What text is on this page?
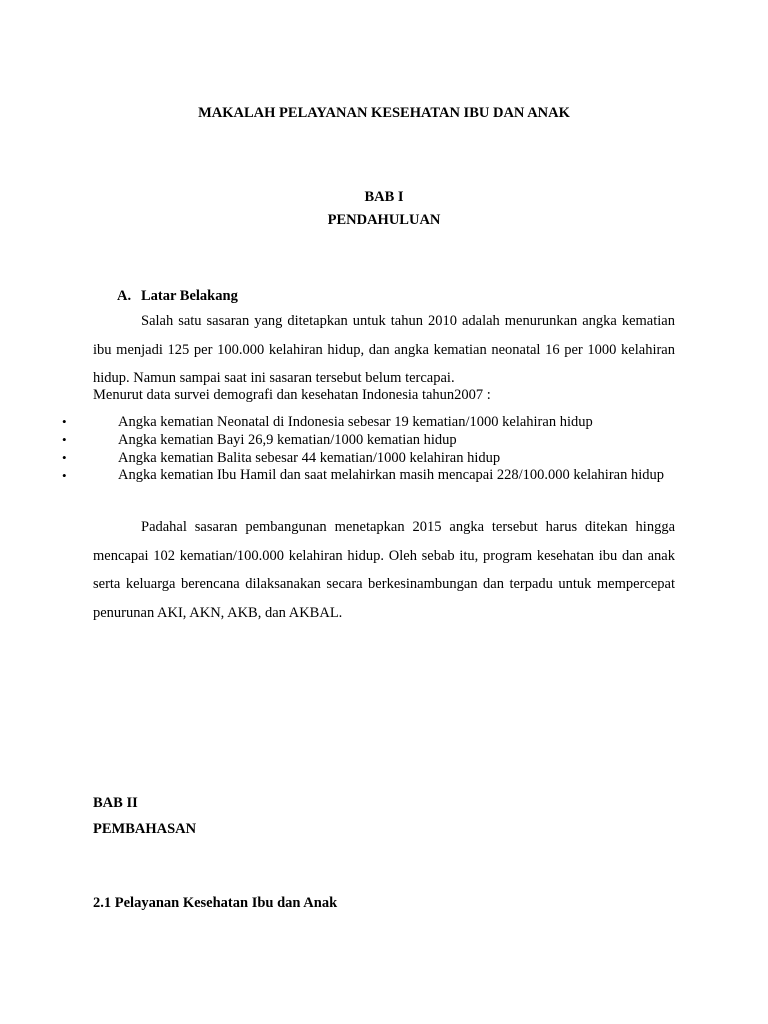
MAKALAH PELAYANAN KESEHATAN IBU DAN ANAK
BAB I
PENDAHULUAN
A. Latar Belakang

Salah satu sasaran yang ditetapkan untuk tahun 2010 adalah menurunkan angka kematian ibu menjadi 125 per 100.000 kelahiran hidup, dan angka kematian neonatal 16 per 1000 kelahiran hidup. Namun sampai saat ini sasaran tersebut belum tercapai.

Menurut data survei demografi dan kesehatan Indonesia tahun2007 :
•	Angka kematian Neonatal di Indonesia sebesar 19 kematian/1000 kelahiran hidup
•	Angka kematian Bayi 26,9 kematian/1000 kematian hidup
•	Angka kematian Balita sebesar 44 kematian/1000 kelahiran hidup
•	Angka kematian Ibu Hamil dan saat melahirkan masih mencapai 228/100.000 kelahiran hidup

Padahal sasaran pembangunan menetapkan 2015 angka tersebut harus ditekan hingga mencapai 102 kematian/100.000 kelahiran hidup. Oleh sebab itu, program kesehatan ibu dan anak serta keluarga berencana dilaksanakan secara berkesinambungan dan terpadu untuk mempercepat penurunan AKI, AKN, AKB, dan AKBAL.

BAB II
PEMBAHASAN
2.1 Pelayanan Kesehatan Ibu dan Anak
